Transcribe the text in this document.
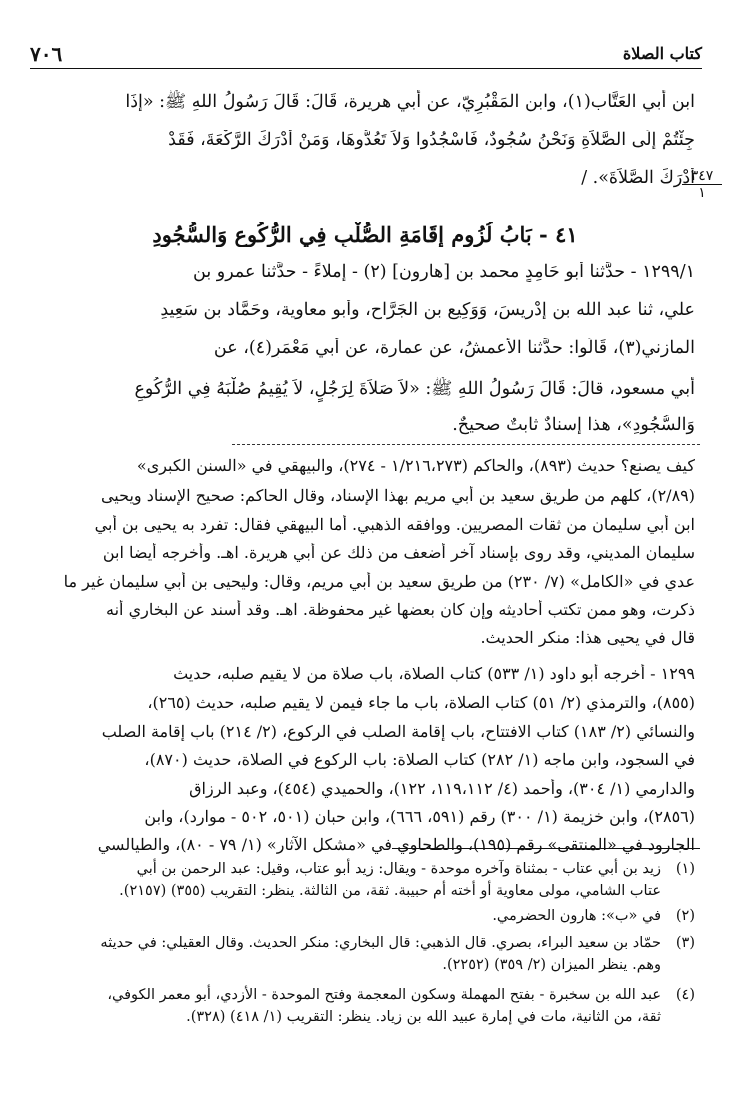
٧٠٦	كتاب الصلاة
ابن أبي العَتَّاب(١)، وابن المَقْبُرِيّ، عن أبي هريرة، قَالَ: قَالَ رَسُولُ اللهِ ﷺ: «إذَا
جِئْتُمْ إِلَى الصَّلاَةِ وَنَحْنُ سُجُودٌ، فَاسْجُدُوا وَلاَ تَعُدُّوهَا، وَمَنْ أَدْرَكَ الرَّكْعَةَ، فَقَدْ
أَدْرَكَ الصَّلاَةَ». /
٣٤٧
١
٤١ - بَابُ لُزُومِ إِقَامَةِ الصُّلْبِ فِي الرُّكُوعِ وَالسُّجُودِ
١٢٩٩/١ - حدَّثنا أبو حَامِدٍ محمد بن [هارون] (٢) - إملاءً - حدَّثنا عمرو بن
علي، ثنا عبد الله بن إدْرِيسَ، وَوَكِيع بن الجَرَّاح، وأبو معاوية، وحَمَّاد بن سَعِيدِ
المازني(٣)، قَالُوا: حدَّثنا الأعمشُ، عن عمارة، عن أبي مَعْمَرٍ(٤)، عن
أبي مسعود، قالَ: قَالَ رَسُولُ اللهِ ﷺ: «لاَ صَلاَةَ لِرَجُلٍ، لاَ يُقِيمُ صُلْبَهُ فِي الرُّكُوعِ
وَالسُّجُودِ»، هذا إسنادٌ ثابتٌ صحيحٌ.
كيف يصنع؟ حديث (٨٩٣)، والحاكم (١/٢١٦،٢٧٣ - ٢٧٤)، والبيهقي في «السنن الكبرى»
(٢/٨٩)، كلهم من طريق سعيد بن أبي مريم بهذا الإسناد، وقال الحاكم: صحيح الإسناد ويحيى
ابن أبي سليمان من ثقات المصريين. ووافقه الذهبي. أما البيهقي فقال: تفرد به يحيى بن أبي
سليمان المديني، وقد روى بإسناد آخر أضعف من ذلك عن أبي هريرة. اهـ. وأخرجه أيضا ابن
عدي في «الكامل» (٧/ ٢٣٠) من طريق سعيد بن أبي مريم، وقال: وليحيى بن أبي سليمان غير ما
ذكرت، وهو ممن تكتب أحاديثه وإن كان بعضها غير محفوظة. اهـ. وقد أسند عن البخاري أنه
قال في يحيى هذا: منكر الحديث.
١٢٩٩ - أخرجه أبو داود (١/ ٥٣٣) كتاب الصلاة، باب صلاة من لا يقيم صلبه، حديث
(٨٥٥)، والترمذي (٢/ ٥١) كتاب الصلاة، باب ما جاء فيمن لا يقيم صلبه، حديث (٢٦٥)،
والنسائي (٢/ ١٨٣) كتاب الافتتاح، باب إقامة الصلب في الركوع، (٢/ ٢١٤) باب إقامة الصلب
في السجود، وابن ماجه (١/ ٢٨٢) كتاب الصلاة: باب الركوع في الصلاة، حديث (٨٧٠)،
والدارمي (١/ ٣٠٤)، وأحمد (٤/ ١١٩،١١٢، ١٢٢)، والحميدي (٤٥٤)، وعبد الرزاق
(٢٨٥٦)، وابن خزيمة (١/ ٣٠٠) رقم (٥٩١، ٦٦٦)، وابن حبان (٥٠١، ٥٠٢ - موارد)، وابن
الجارود في «المنتقى» رقم (١٩٥)، والطحاوي في «مشكل الآثار» (١/ ٧٩ - ٨٠)، والطيالسي
(١)زيد بن أبي عتاب - بمثناة وآخره موحدة - ويقال: زيد أبو عتاب، وقيل: عبد الرحمن بن أبي
عتاب الشامي، مولى معاوية أو أخته أم حبيبة. ثقة، من الثالثة. ينظر: التقريب (٣٥٥) (٢١٥٧).
(٢)في «ب»: هارون الحضرمي.
(٣)حمّاد بن سعيد البراء، بصري. قال الذهبي: قال البخاري: منكر الحديث. وقال العقيلي: في حديثه
وهم. ينظر الميزان (٢/ ٣٥٩) (٢٢٥٢).
(٤)عبد الله بن سخبرة - بفتح المهملة وسكون المعجمة وفتح الموحدة - الأزدي، أبو معمر الكوفي،
ثقة، من الثانية، مات في إمارة عبيد الله بن زياد. ينظر: التقريب (١/ ٤١٨) (٣٢٨).
